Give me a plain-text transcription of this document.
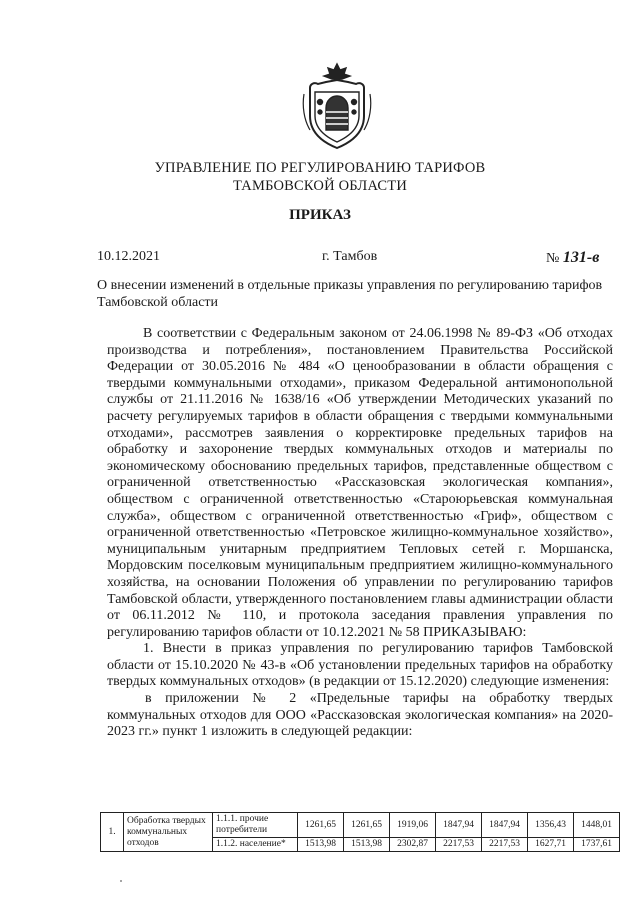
УПРАВЛЕНИЕ ПО РЕГУЛИРОВАНИЮ ТАРИФОВ
ТАМБОВСКОЙ ОБЛАСТИ
ПРИКАЗ
10.12.2021	г. Тамбов	№ 131-в
О внесении изменений в отдельные приказы управления по регулированию тарифов Тамбовской области

В соответствии с Федеральным законом от 24.06.1998 № 89-ФЗ «Об отходах производства и потребления», постановлением Правительства Российской Федерации от 30.05.2016 № 484 «О ценообразовании в области обращения с твердыми коммунальными отходами», приказом Федеральной антимонопольной службы от 21.11.2016 № 1638/16 «Об утверждении Методических указаний по расчету регулируемых тарифов в области обращения с твердыми коммунальными отходами», рассмотрев заявления о корректировке предельных тарифов на обработку и захоронение твердых коммунальных отходов и материалы по экономическому обоснованию предельных тарифов, представленные обществом с ограниченной ответственностью «Рассказовская экологическая компания», обществом с ограниченной ответственностью «Староюрьевская коммунальная служба», обществом с ограниченной ответственностью «Гриф», обществом с ограниченной ответственностью «Петровское жилищно-коммунальное хозяйство», муниципальным унитарным предприятием Тепловых сетей г. Моршанска, Мордовским поселковым муниципальным предприятием жилищно-коммунального хозяйства, на основании Положения об управлении по регулированию тарифов Тамбовской области, утвержденного постановлением главы администрации области от 06.11.2012 № 110, и протокола заседания правления управления по регулированию тарифов области от 10.12.2021 № 58 ПРИКАЗЫВАЮ:

1. Внести в приказ управления по регулированию тарифов Тамбовской области от 15.10.2020 № 43-в «Об установлении предельных тарифов на обработку твердых коммунальных отходов» (в редакции от 15.12.2020) следующие изменения:

в приложении № 2 «Предельные тарифы на обработку твердых коммунальных отходов для ООО «Рассказовская экологическая компания» на 2020-2023 гг.» пункт 1 изложить в следующей редакции:

1.	Обработка твердых коммунальных отходов	1.1.1. прочие потребители	1261,65	1261,65	1919,06	1847,94	1847,94	1356,43	1448,01
		1.1.2. население*	1513,98	1513,98	2302,87	2217,53	2217,53	1627,71	1737,61
